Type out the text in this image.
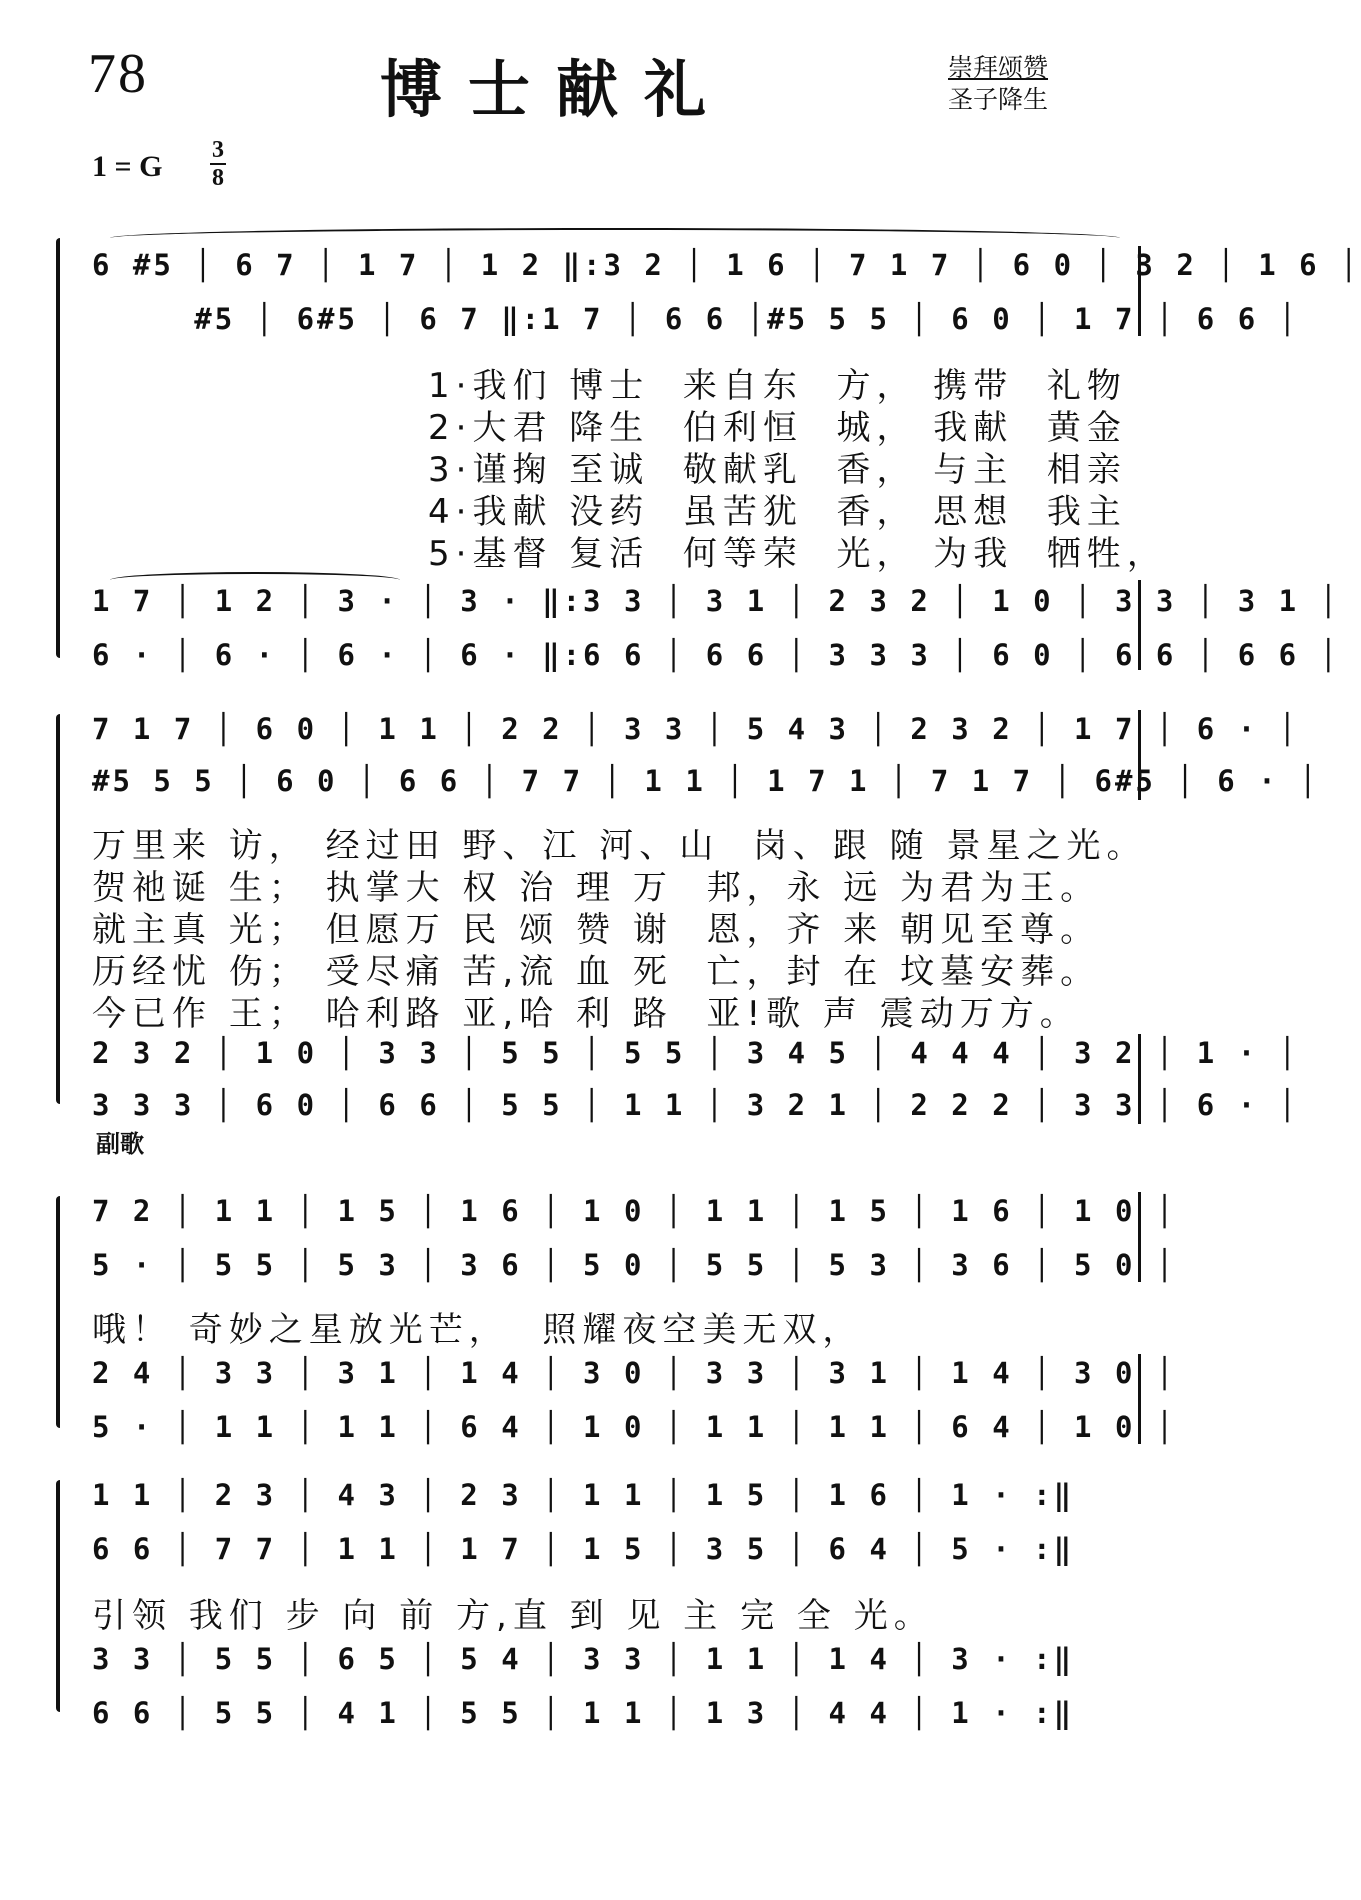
78	博士献礼	崇拜颂赞
圣子降生
1 = G 3
8
6 #5 │ 6 7 │ 1 7 │ 1 2 ‖:3 2 │ 1 6 │ 7 1 7 │ 6 0 │ 3 2 │ 1 6 │
#5 │ 6#5 │ 6 7 ‖:1 7 │ 6 6 │#5 5 5 │ 6 0 │ 1 7 │ 6 6 │
1·我们 博士  来自东  方， 携带  礼物
2·大君 降生  伯利恒  城， 我献  黄金
3·谨掬 至诚  敬献乳  香， 与主  相亲
4·我献 没药  虽苦犹  香， 思想  我主
5·基督 复活  何等荣  光， 为我  牺牲，
1 7 │ 1 2 │ 3 · │ 3 · ‖:3 3 │ 3 1 │ 2 3 2 │ 1 0 │ 3 3 │ 3 1 │
6 · │ 6 · │ 6 · │ 6 · ‖:6 6 │ 6 6 │ 3 3 3 │ 6 0 │ 6 6 │ 6 6 │
7 1 7 │ 6 0 │ 1 1 │ 2 2 │ 3 3 │ 5 4 3 │ 2 3 2 │ 1 7 │ 6 · │
#5 5 5 │ 6 0 │ 6 6 │ 7 7 │ 1 1 │ 1 7 1 │ 7 1 7 │ 6#5 │ 6 · │
万里来 访， 经过田 野、江 河、山  岗、跟 随 景星之光。
贺祂诞 生； 执掌大 权 治 理 万  邦，永 远 为君为王。
就主真 光； 但愿万 民 颂 赞 谢  恩，齐 来 朝见至尊。
历经忧 伤； 受尽痛 苦,流 血 死  亡，封 在 坟墓安葬。
今已作 王； 哈利路 亚,哈 利 路  亚!歌 声 震动万方。
2 3 2 │ 1 0 │ 3 3 │ 5 5 │ 5 5 │ 3 4 5 │ 4 4 4 │ 3 2 │ 1 · │
3 3 3 │ 6 0 │ 6 6 │ 5 5 │ 1 1 │ 3 2 1 │ 2 2 2 │ 3 3 │ 6 · │
副歌
7 2 │ 1 1 │ 1 5 │ 1 6 │ 1 0 │ 1 1 │ 1 5 │ 1 6 │ 1 0 │
5 · │ 5 5 │ 5 3 │ 3 6 │ 5 0 │ 5 5 │ 5 3 │ 3 6 │ 5 0 │
哦！ 奇妙之星放光芒，  照耀夜空美无双，
2 4 │ 3 3 │ 3 1 │ 1 4 │ 3 0 │ 3 3 │ 3 1 │ 1 4 │ 3 0 │
5 · │ 1 1 │ 1 1 │ 6 4 │ 1 0 │ 1 1 │ 1 1 │ 6 4 │ 1 0 │
1 1 │ 2 3 │ 4 3 │ 2 3 │ 1 1 │ 1 5 │ 1 6 │ 1 · :‖
6 6 │ 7 7 │ 1 1 │ 1 7 │ 1 5 │ 3 5 │ 6 4 │ 5 · :‖
引领 我们 步 向 前 方,直 到 见 主 完 全 光。
3 3 │ 5 5 │ 6 5 │ 5 4 │ 3 3 │ 1 1 │ 1 4 │ 3 · :‖
6 6 │ 5 5 │ 4 1 │ 5 5 │ 1 1 │ 1 3 │ 4 4 │ 1 · :‖
